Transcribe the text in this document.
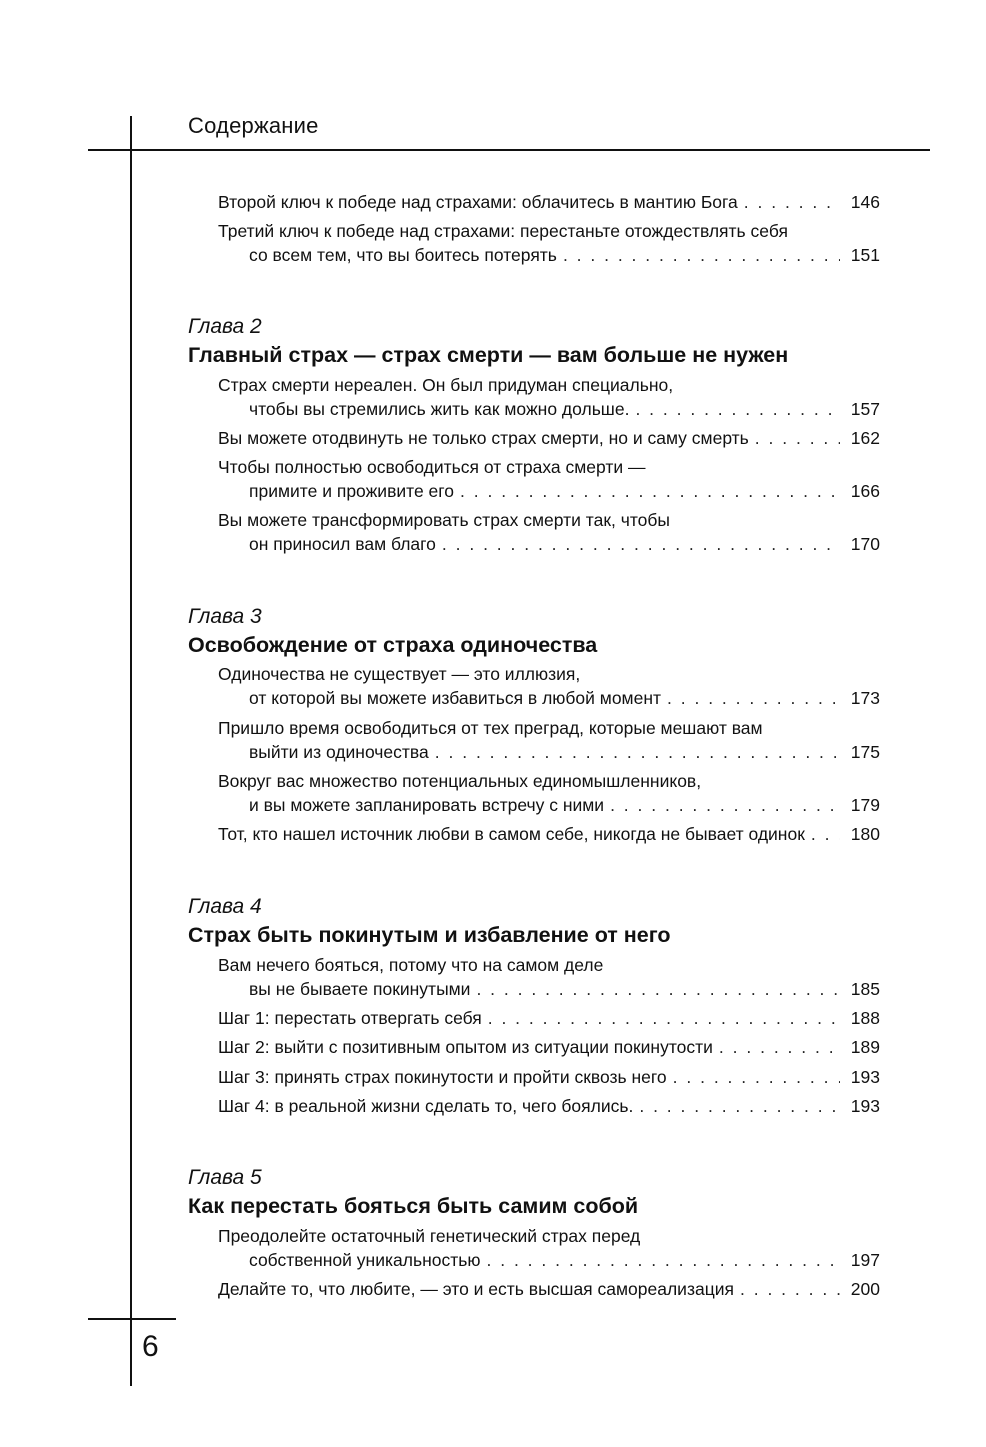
Содержание
Второй ключ к победе над страхами: облачитесь в мантию Бога . . .	146
Третий ключ к победе над страхами: перестаньте отождествлять себя
со всем тем, что вы боитесь потерять . . .	151
Глава 2
Главный страх — страх смерти — вам больше не нужен
Страх смерти нереален. Он был придуман специально,
чтобы вы стремились жить как можно дольше. . . .	157
Вы можете отодвинуть не только страх смерти, но и саму смерть . . .	162
Чтобы полностью освободиться от страха смерти —
примите и проживите его . . .	166
Вы можете трансформировать страх смерти так, чтобы
он приносил вам благо . . .	170
Глава 3
Освобождение от страха одиночества
Одиночества не существует — это иллюзия,
от которой вы можете избавиться в любой момент . . .	173
Пришло время освободиться от тех преград, которые мешают вам
выйти из одиночества . . .	175
Вокруг вас множество потенциальных единомышленников,
и вы можете запланировать встречу с ними . . .	179
Тот, кто нашел источник любви в самом себе, никогда не бывает одинок . . .	180
Глава 4
Страх быть покинутым и избавление от него
Вам нечего бояться, потому что на самом деле
вы не бываете покинутыми . . .	185
Шаг 1: перестать отвергать себя . . .	188
Шаг 2: выйти с позитивным опытом из ситуации покинутости . . .	189
Шаг 3: принять страх покинутости и пройти сквозь него . . .	193
Шаг 4: в реальной жизни сделать то, чего боялись. . . .	193
Глава 5
Как перестать бояться быть самим собой
Преодолейте остаточный генетический страх перед
собственной уникальностью . . .	197
Делайте то, что любите, — это и есть высшая самореализация . . .	200
6
